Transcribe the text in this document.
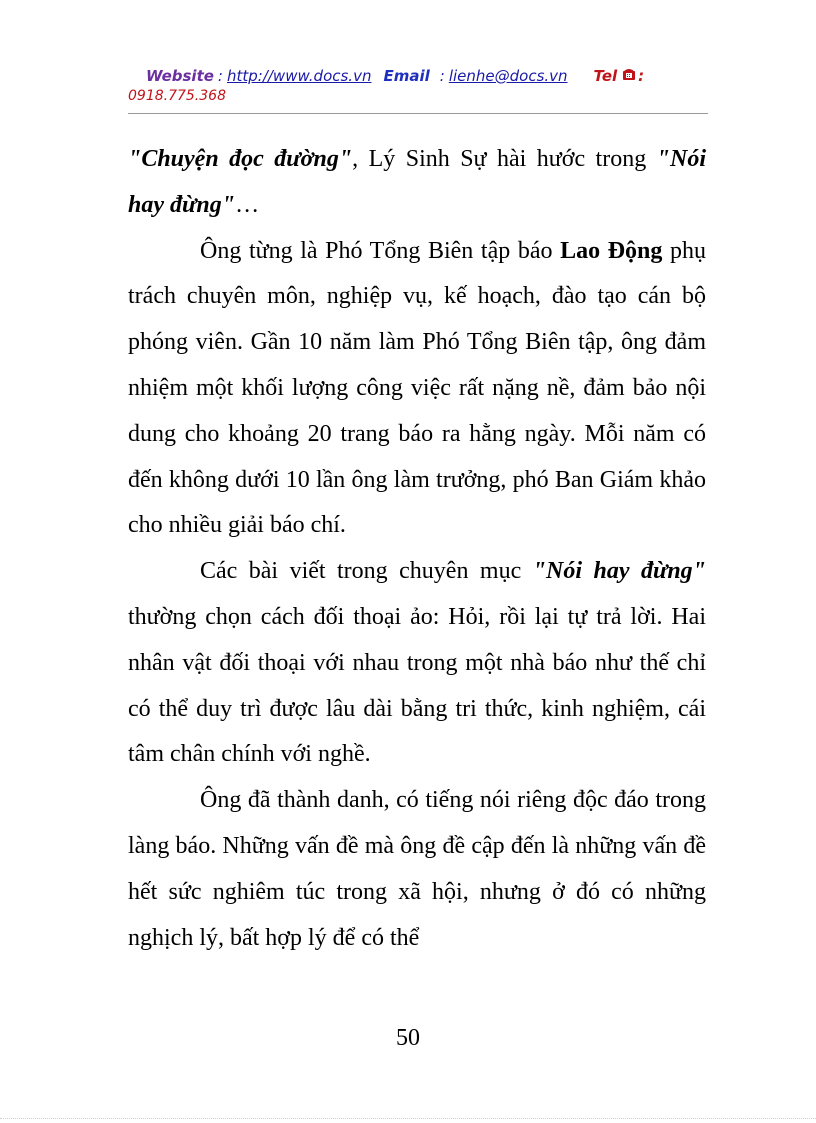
Website : http://www.docs.vn Email : lienhe@docs.vn Tel :
0918.775.368

"Chuyện đọc đường", Lý Sinh Sự hài hước trong "Nói hay đừng"…

Ông từng là Phó Tổng Biên tập báo Lao Động phụ trách chuyên môn, nghiệp vụ, kế hoạch, đào tạo cán bộ phóng viên. Gần 10 năm làm Phó Tổng Biên tập, ông đảm nhiệm một khối lượng công việc rất nặng nề, đảm bảo nội dung cho khoảng 20 trang báo ra hằng ngày. Mỗi năm có đến không dưới 10 lần ông làm trưởng, phó Ban Giám khảo cho nhiều giải báo chí.

Các bài viết trong chuyên mục "Nói hay đừng" thường chọn cách đối thoại ảo: Hỏi, rồi lại tự trả lời. Hai nhân vật đối thoại với nhau trong một nhà báo như thế chỉ có thể duy trì được lâu dài bằng tri thức, kinh nghiệm, cái tâm chân chính với nghề.

Ông đã thành danh, có tiếng nói riêng độc đáo trong làng báo. Những vấn đề mà ông đề cập đến là những vấn đề hết sức nghiêm túc trong xã hội, nhưng ở đó có những nghịch lý, bất hợp lý để có thể

50
